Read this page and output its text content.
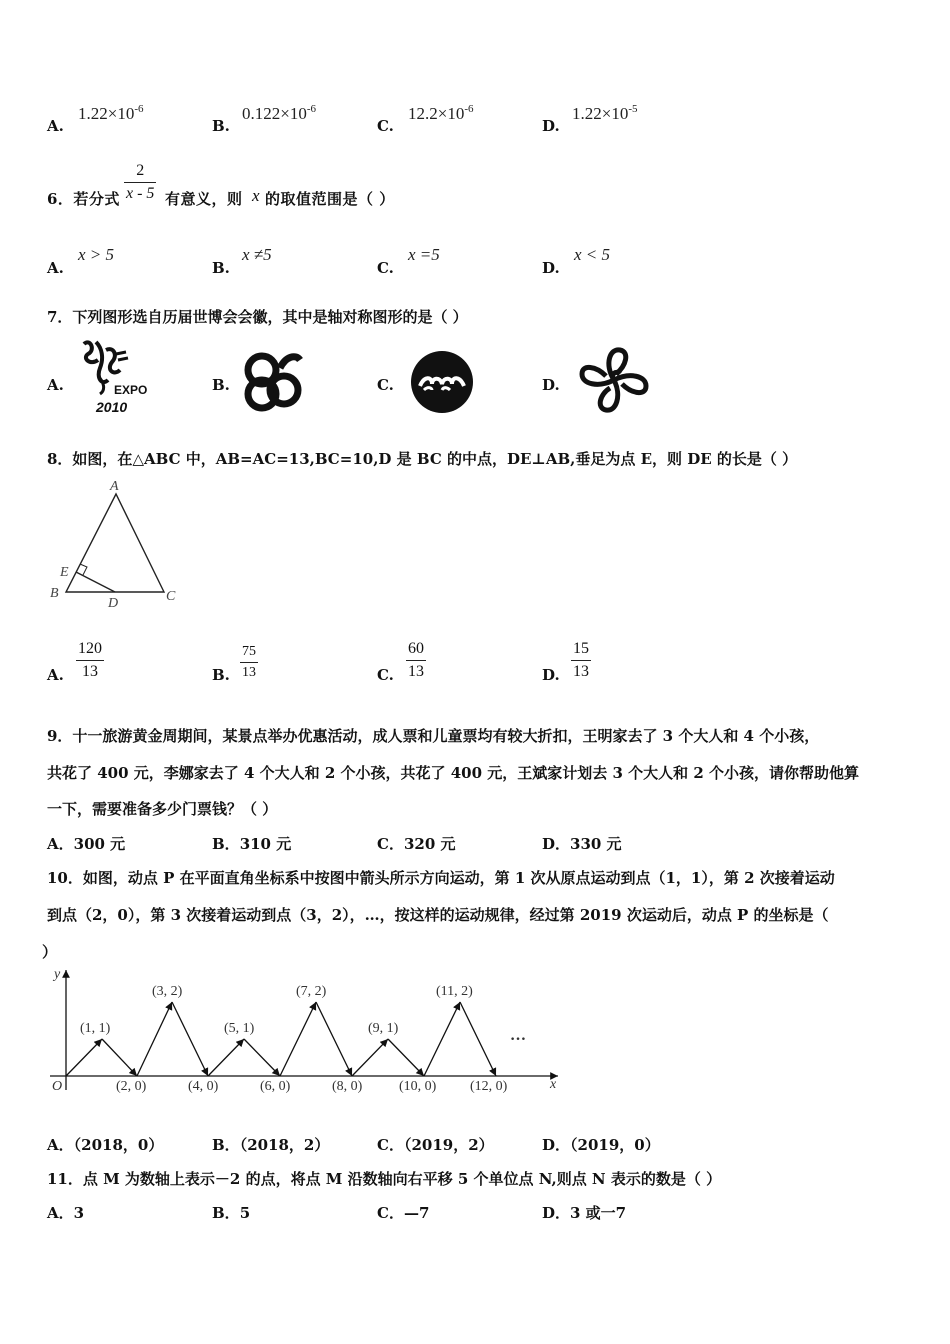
A.
$1.22\times 10^{-6}$
B.
$0.122\times 10^{-6}$
C.
$12.2\times 10^{-6}$
D.
$1.22\times 10^{-5}$
6．若分式
2
x - 5 有意义，则 x 的取值范围是（ ）
A.
x > 5
B.
x ≠5
C.
x =5
D.
x < 5
7．下列图形选自历届世博会会徽，其中是轴对称图形的是（ ）
A.	EXPO
2010
B.	C.	D.
8．如图，在△ABC 中，AB=AC=13,BC=10,D 是 BC 的中点，DE⊥AB,垂足为点 E，则 DE 的长是（ ）
A
B	C
D
E
A.
120
13	B.
75
13	C.
60
13	D.
15
13
9．十一旅游黄金周期间，某景点举办优惠活动，成人票和儿童票均有较大折扣，王明家去了 3 个大人和 4 个小孩，
共花了 400 元，李娜家去了 4 个大人和 2 个小孩，共花了 400 元，王斌家计划去 3 个大人和 2 个小孩，请你帮助他算
一下，需要准备多少门票钱？（ ）
A．300 元	B．310 元	C．320 元	D．330 元
10．如图，动点 P 在平面直角坐标系中按图中箭头所示方向运动，第 1 次从原点运动到点（1，1），第 2 次接着运动
到点（2，0），第 3 次接着运动到点（3，2），…，按这样的运动规律，经过第 2019 次运动后，动点 P 的坐标是（
）
x
y
O
(3, 2)	(7, 2)	(11, 2)
(1, 1)	(5, 1)	(9, 1)
(2, 0)	(4, 0)	(6, 0)	(8, 0)	(10, 0) (12, 0)
…
A．（2018，0）	B．（2018，2）	C．（2019，2）	D．（2019，0）
11．点 M 为数轴上表示－2 的点，将点 M 沿数轴向右平移 5 个单位点 N,则点 N 表示的数是（ ）
A．3	B．5	C．—7	D．3 或一7
